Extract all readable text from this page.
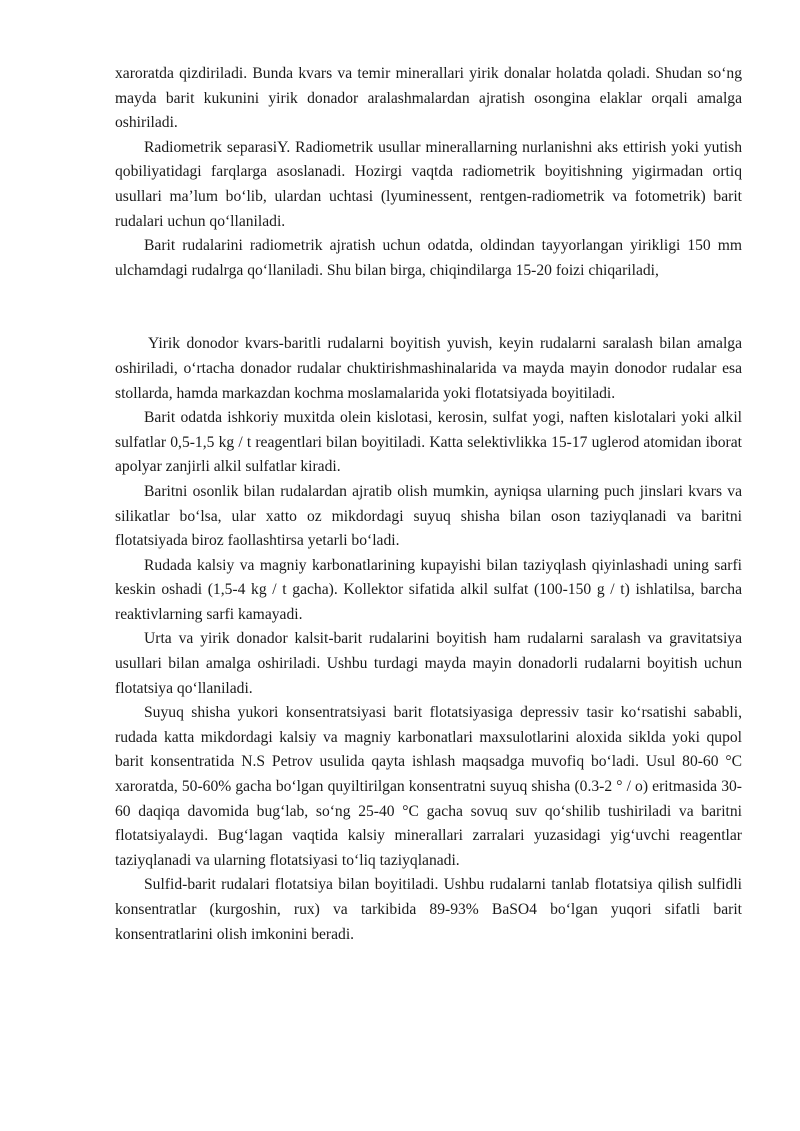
xaroratda qizdiriladi. Bunda kvars va temir minerallari yirik donalar holatda qoladi. Shudan so‘ng mayda barit kukunini yirik donador aralashmalardan ajratish osongina elaklar orqali amalga oshiriladi.

Radiometrik separasiY. Radiometrik usullar minerallarning nurlanishni aks ettirish yoki yutish qobiliyatidagi farqlarga asoslanadi. Hozirgi vaqtda radiometrik boyitishning yigirmadan ortiq usullari ma’lum bo‘lib, ulardan uchtasi (lyuminessent, rentgen-radiometrik va fotometrik) barit rudalari uchun qo‘llaniladi.

Barit rudalarini radiometrik ajratish uchun odatda, oldindan tayyorlangan yirikligi 150 mm ulchamdagi rudalrga qo‘llaniladi. Shu bilan birga, chiqindilarga 15-20 foizi chiqariladi,

Yirik donodor kvars-baritli rudalarni boyitish yuvish, keyin rudalarni saralash bilan amalga oshiriladi, o‘rtacha donador rudalar chuktirishmashinalarida va mayda mayin donodor rudalar esa stollarda, hamda markazdan kochma moslamalarida yoki flotatsiyada boyitiladi.

Barit odatda ishkoriy muxitda olein kislotasi, kerosin, sulfat yogi, naften kislotalari yoki alkil sulfatlar 0,5-1,5 kg / t reagentlari bilan boyitiladi. Katta selektivlikka 15-17 uglerod atomidan iborat apolyar zanjirli alkil sulfatlar kiradi.

Baritni osonlik bilan rudalardan ajratib olish mumkin, ayniqsa ularning puch jinslari kvars va silikatlar bo‘lsa, ular xatto oz mikdordagi suyuq shisha bilan oson taziyqlanadi va baritni flotatsiyada biroz faollashtirsa yetarli bo‘ladi.

Rudada kalsiy va magniy karbonatlarining kupayishi bilan taziyqlash qiyinlashadi uning sarfi keskin oshadi (1,5-4 kg / t gacha). Kollektor sifatida alkil sulfat (100-150 g / t) ishlatilsa, barcha reaktivlarning sarfi kamayadi.

Urta va yirik donador kalsit-barit rudalarini boyitish ham rudalarni saralash va gravitatsiya usullari bilan amalga oshiriladi. Ushbu turdagi mayda mayin donadorli rudalarni boyitish uchun flotatsiya qo‘llaniladi.

Suyuq shisha yukori konsentratsiyasi barit flotatsiyasiga depressiv tasir ko‘rsatishi sababli, rudada katta mikdordagi kalsiy va magniy karbonatlari maxsulotlarini aloxida siklda yoki qupol barit konsentratida N.S Petrov usulida qayta ishlash maqsadga muvofiq bo‘ladi. Usul 80-60 °C xaroratda, 50-60% gacha bo‘lgan quyiltirilgan konsentratni suyuq shisha (0.3-2 ° / o) eritmasida 30-60 daqiqa davomida bug‘lab, so‘ng 25-40 °C gacha sovuq suv qo‘shilib tushiriladi va baritni flotatsiyalaydi. Bug‘lagan vaqtida kalsiy minerallari zarralari yuzasidagi yig‘uvchi reagentlar taziyqlanadi va ularning flotatsiyasi to‘liq taziyqlanadi.

Sulfid-barit rudalari flotatsiya bilan boyitiladi. Ushbu rudalarni tanlab flotatsiya qilish sulfidli konsentratlar (kurgoshin, rux) va tarkibida 89-93% BaSO4 bo‘lgan yuqori sifatli barit konsentratlarini olish imkonini beradi.
